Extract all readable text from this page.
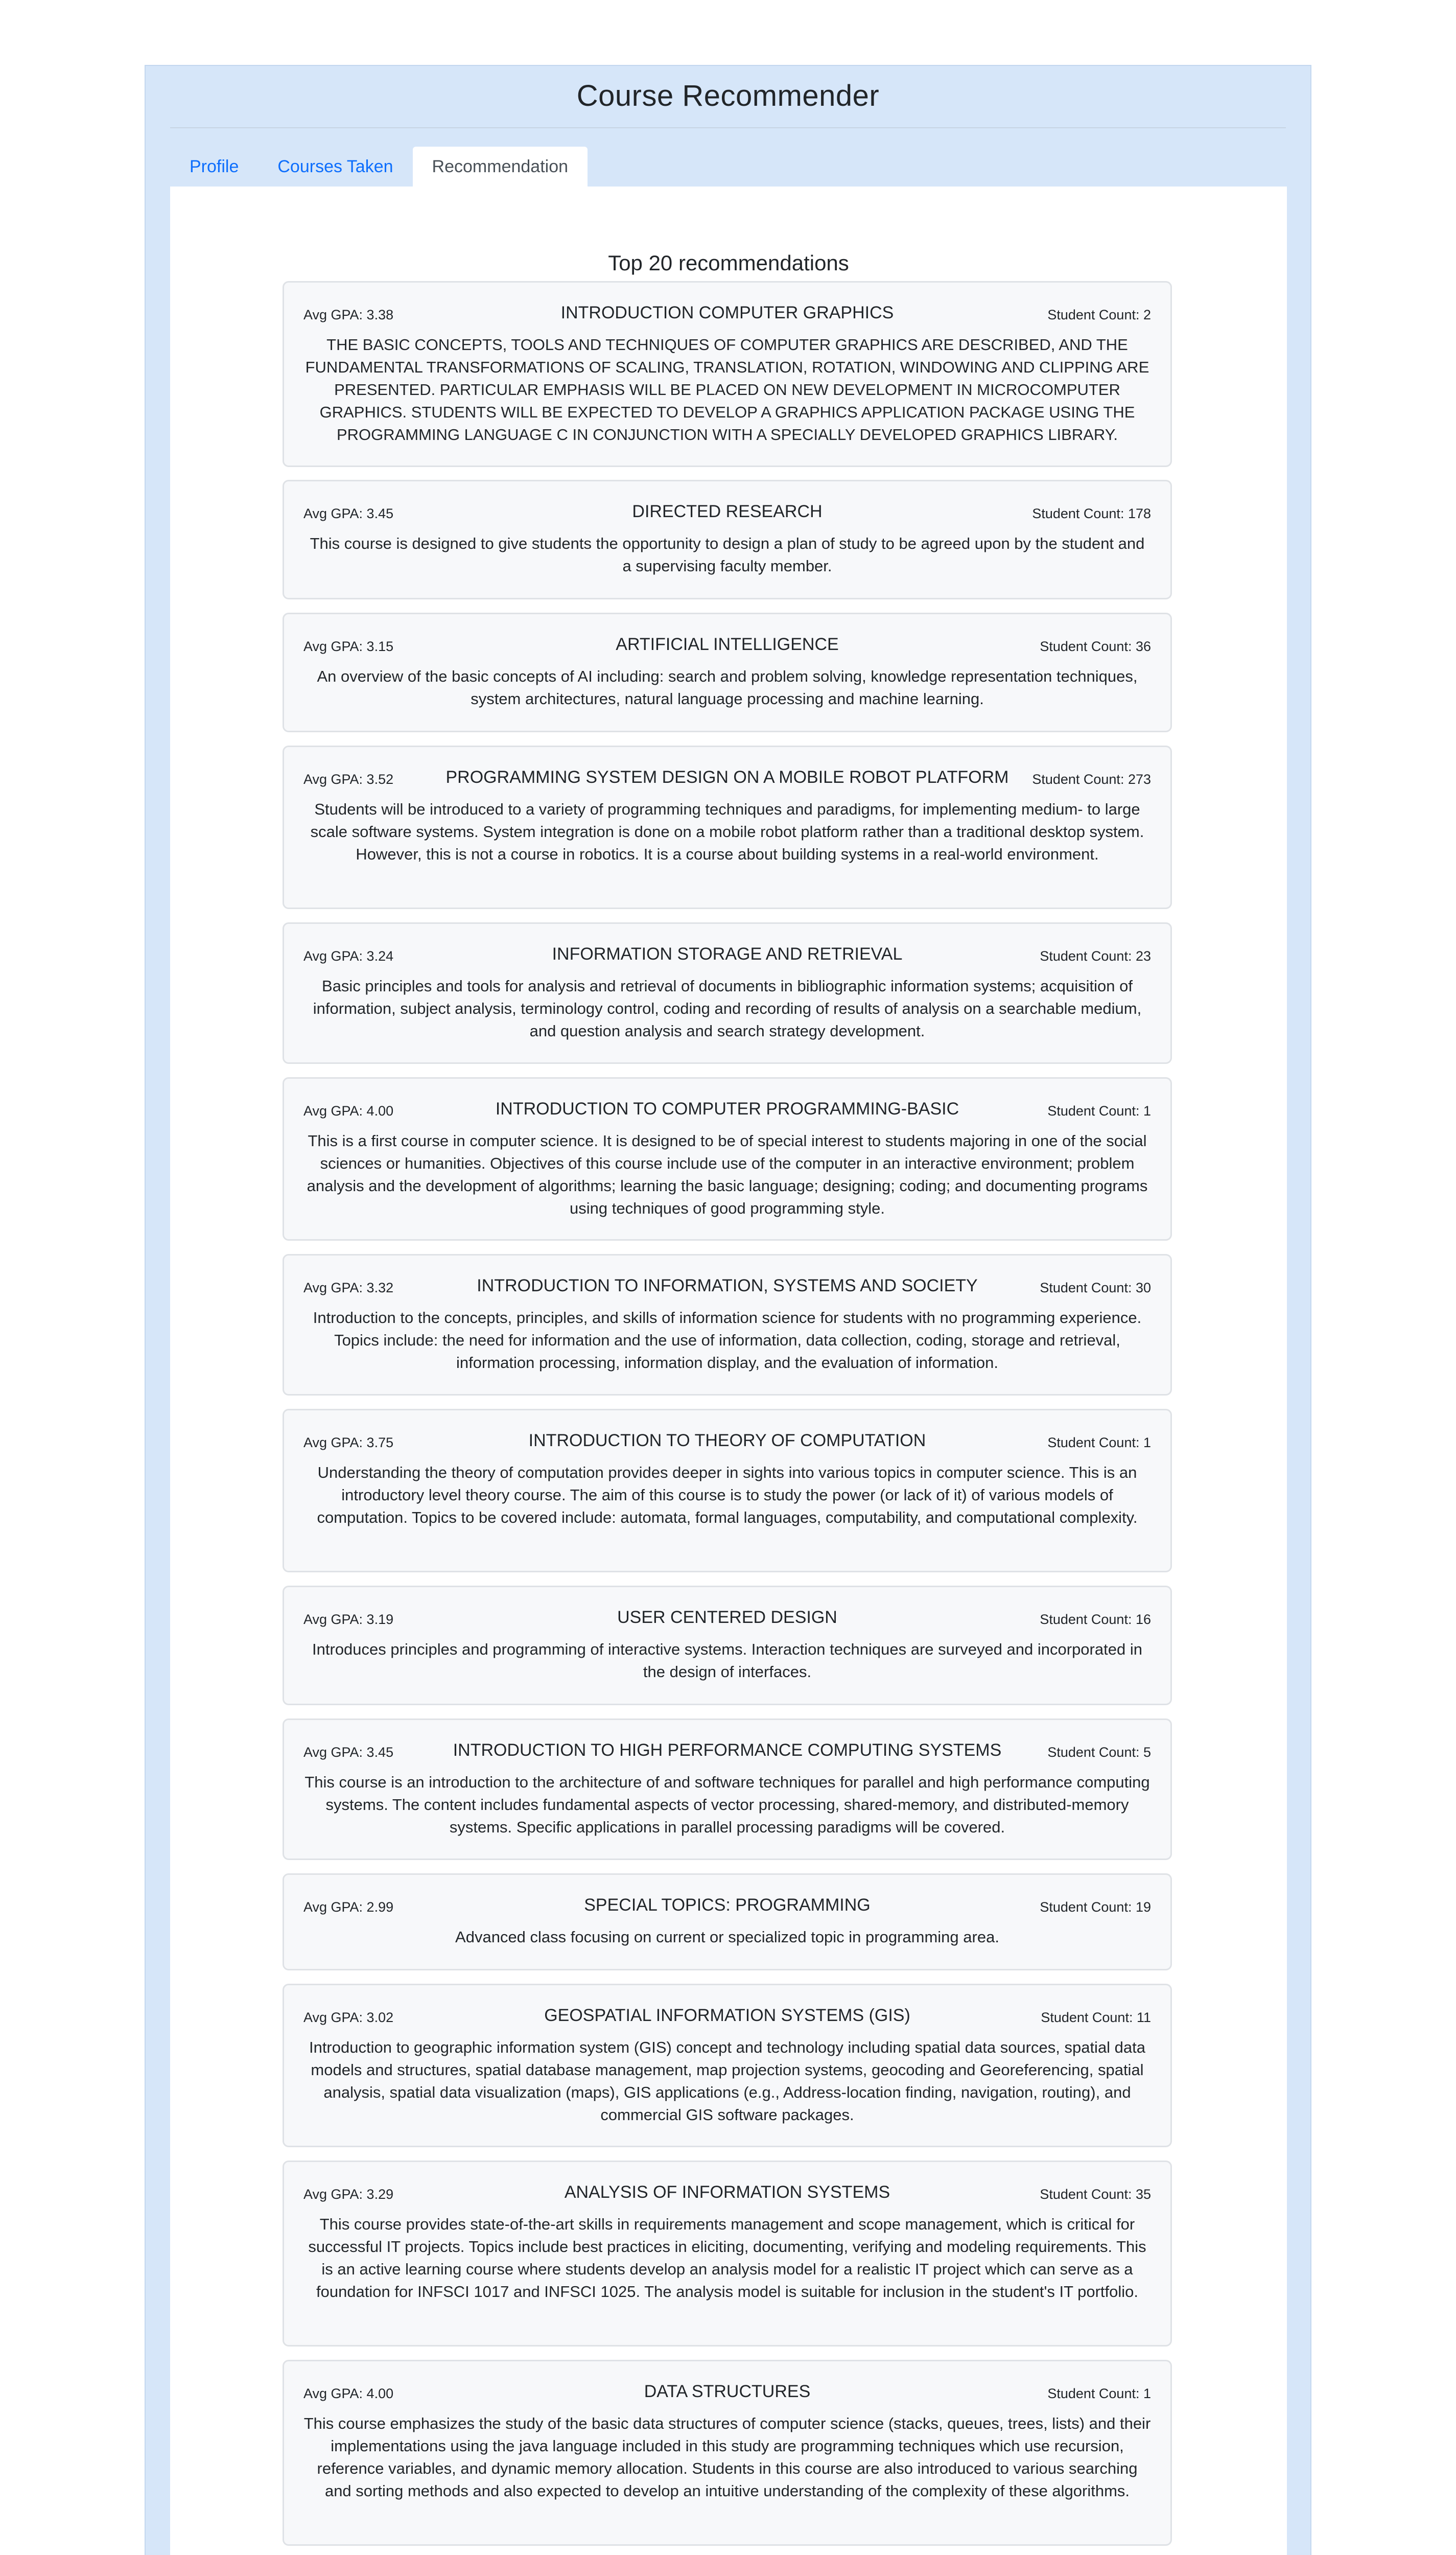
Course Recommender
Profile	Courses Taken	Recommendation
Top 20 recommendations
Avg GPA: 3.38	INTRODUCTION COMPUTER GRAPHICS	Student Count: 2
THE BASIC CONCEPTS, TOOLS AND TECHNIQUES OF COMPUTER GRAPHICS ARE DESCRIBED, AND THE FUNDAMENTAL TRANSFORMATIONS OF SCALING, TRANSLATION, ROTATION, WINDOWING AND CLIPPING ARE PRESENTED. PARTICULAR EMPHASIS WILL BE PLACED ON NEW DEVELOPMENT IN MICROCOMPUTER GRAPHICS. STUDENTS WILL BE EXPECTED TO DEVELOP A GRAPHICS APPLICATION PACKAGE USING THE PROGRAMMING LANGUAGE C IN CONJUNCTION WITH A SPECIALLY DEVELOPED GRAPHICS LIBRARY.
Avg GPA: 3.45	DIRECTED RESEARCH	Student Count: 178
This course is designed to give students the opportunity to design a plan of study to be agreed upon by the student and a supervising faculty member.
Avg GPA: 3.15	ARTIFICIAL INTELLIGENCE	Student Count: 36
An overview of the basic concepts of AI including: search and problem solving, knowledge representation techniques, system architectures, natural language processing and machine learning.
Avg GPA: 3.52	PROGRAMMING SYSTEM DESIGN ON A MOBILE ROBOT PLATFORM	Student Count: 273
Students will be introduced to a variety of programming techniques and paradigms, for implementing medium- to large scale software systems. System integration is done on a mobile robot platform rather than a traditional desktop system. However, this is not a course in robotics. It is a course about building systems in a real-world environment.
Avg GPA: 3.24	INFORMATION STORAGE AND RETRIEVAL	Student Count: 23
Basic principles and tools for analysis and retrieval of documents in bibliographic information systems; acquisition of information, subject analysis, terminology control, coding and recording of results of analysis on a searchable medium, and question analysis and search strategy development.
Avg GPA: 4.00	INTRODUCTION TO COMPUTER PROGRAMMING-BASIC	Student Count: 1
This is a first course in computer science. It is designed to be of special interest to students majoring in one of the social sciences or humanities. Objectives of this course include use of the computer in an interactive environment; problem analysis and the development of algorithms; learning the basic language; designing; coding; and documenting programs using techniques of good programming style.
Avg GPA: 3.32	INTRODUCTION TO INFORMATION, SYSTEMS AND SOCIETY	Student Count: 30
Introduction to the concepts, principles, and skills of information science for students with no programming experience. Topics include: the need for information and the use of information, data collection, coding, storage and retrieval, information processing, information display, and the evaluation of information.
Avg GPA: 3.75	INTRODUCTION TO THEORY OF COMPUTATION	Student Count: 1
Understanding the theory of computation provides deeper in sights into various topics in computer science. This is an introductory level theory course. The aim of this course is to study the power (or lack of it) of various models of computation. Topics to be covered include: automata, formal languages, computability, and computational complexity.
Avg GPA: 3.19	USER CENTERED DESIGN	Student Count: 16
Introduces principles and programming of interactive systems. Interaction techniques are surveyed and incorporated in the design of interfaces.
Avg GPA: 3.45	INTRODUCTION TO HIGH PERFORMANCE COMPUTING SYSTEMS	Student Count: 5
This course is an introduction to the architecture of and software techniques for parallel and high performance computing systems. The content includes fundamental aspects of vector processing, shared-memory, and distributed-memory systems. Specific applications in parallel processing paradigms will be covered.
Avg GPA: 2.99	SPECIAL TOPICS: PROGRAMMING	Student Count: 19
Advanced class focusing on current or specialized topic in programming area.
Avg GPA: 3.02	GEOSPATIAL INFORMATION SYSTEMS (GIS)	Student Count: 11
Introduction to geographic information system (GIS) concept and technology including spatial data sources, spatial data models and structures, spatial database management, map projection systems, geocoding and Georeferencing, spatial analysis, spatial data visualization (maps), GIS applications (e.g., Address-location finding, navigation, routing), and commercial GIS software packages.
Avg GPA: 3.29	ANALYSIS OF INFORMATION SYSTEMS	Student Count: 35
This course provides state-of-the-art skills in requirements management and scope management, which is critical for successful IT projects. Topics include best practices in eliciting, documenting, verifying and modeling requirements. This is an active learning course where students develop an analysis model for a realistic IT project which can serve as a foundation for INFSCI 1017 and INFSCI 1025. The analysis model is suitable for inclusion in the student's IT portfolio.
Avg GPA: 4.00	DATA STRUCTURES	Student Count: 1
This course emphasizes the study of the basic data structures of computer science (stacks, queues, trees, lists) and their implementations using the java language included in this study are programming techniques which use recursion, reference variables, and dynamic memory allocation. Students in this course are also introduced to various searching and sorting methods and also expected to develop an intuitive understanding of the complexity of these algorithms.
